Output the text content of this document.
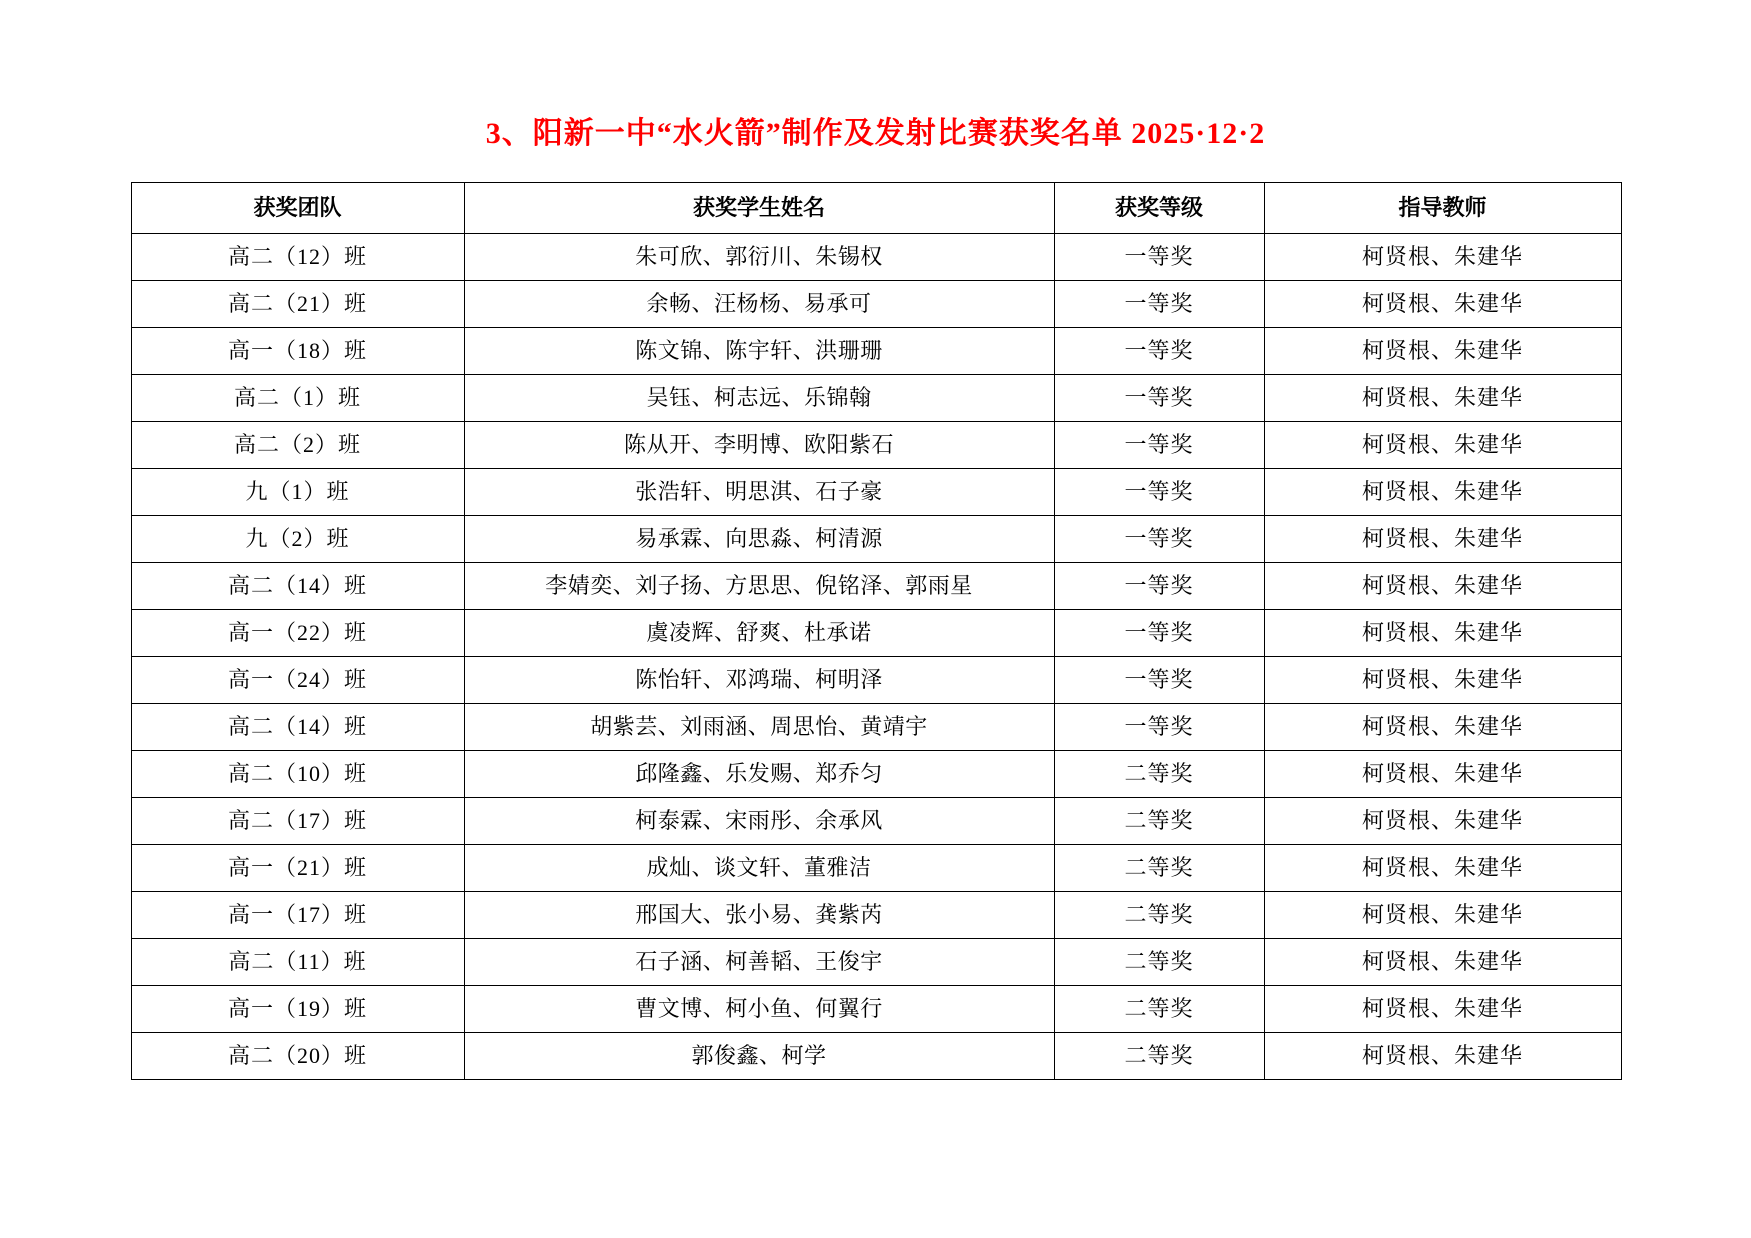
3、阳新一中“水火箭”制作及发射比赛获奖名单 2025·12·2
获奖团队	获奖学生姓名	获奖等级	指导教师
高二（12）班	朱可欣、郭衍川、朱锡权	一等奖	柯贤根、朱建华
高二（21）班	余畅、汪杨杨、易承可	一等奖	柯贤根、朱建华
高一（18）班	陈文锦、陈宇轩、洪珊珊	一等奖	柯贤根、朱建华
高二（1）班	吴钰、柯志远、乐锦翰	一等奖	柯贤根、朱建华
高二（2）班	陈从开、李明博、欧阳紫石	一等奖	柯贤根、朱建华
九（1）班	张浩轩、明思淇、石子豪	一等奖	柯贤根、朱建华
九（2）班	易承霖、向思淼、柯清源	一等奖	柯贤根、朱建华
高二（14）班	李婧奕、刘子扬、方思思、倪铭泽、郭雨星	一等奖	柯贤根、朱建华
高一（22）班	虞凌辉、舒爽、杜承诺	一等奖	柯贤根、朱建华
高一（24）班	陈怡轩、邓鸿瑞、柯明泽	一等奖	柯贤根、朱建华
高二（14）班	胡紫芸、刘雨涵、周思怡、黄靖宇	一等奖	柯贤根、朱建华
高二（10）班	邱隆鑫、乐发赐、郑乔匀	二等奖	柯贤根、朱建华
高二（17）班	柯泰霖、宋雨彤、余承风	二等奖	柯贤根、朱建华
高一（21）班	成灿、谈文轩、董雅洁	二等奖	柯贤根、朱建华
高一（17）班	邢国大、张小易、龚紫芮	二等奖	柯贤根、朱建华
高二（11）班	石子涵、柯善韬、王俊宇	二等奖	柯贤根、朱建华
高一（19）班	曹文博、柯小鱼、何翼行	二等奖	柯贤根、朱建华
高二（20）班	郭俊鑫、柯学	二等奖	柯贤根、朱建华
